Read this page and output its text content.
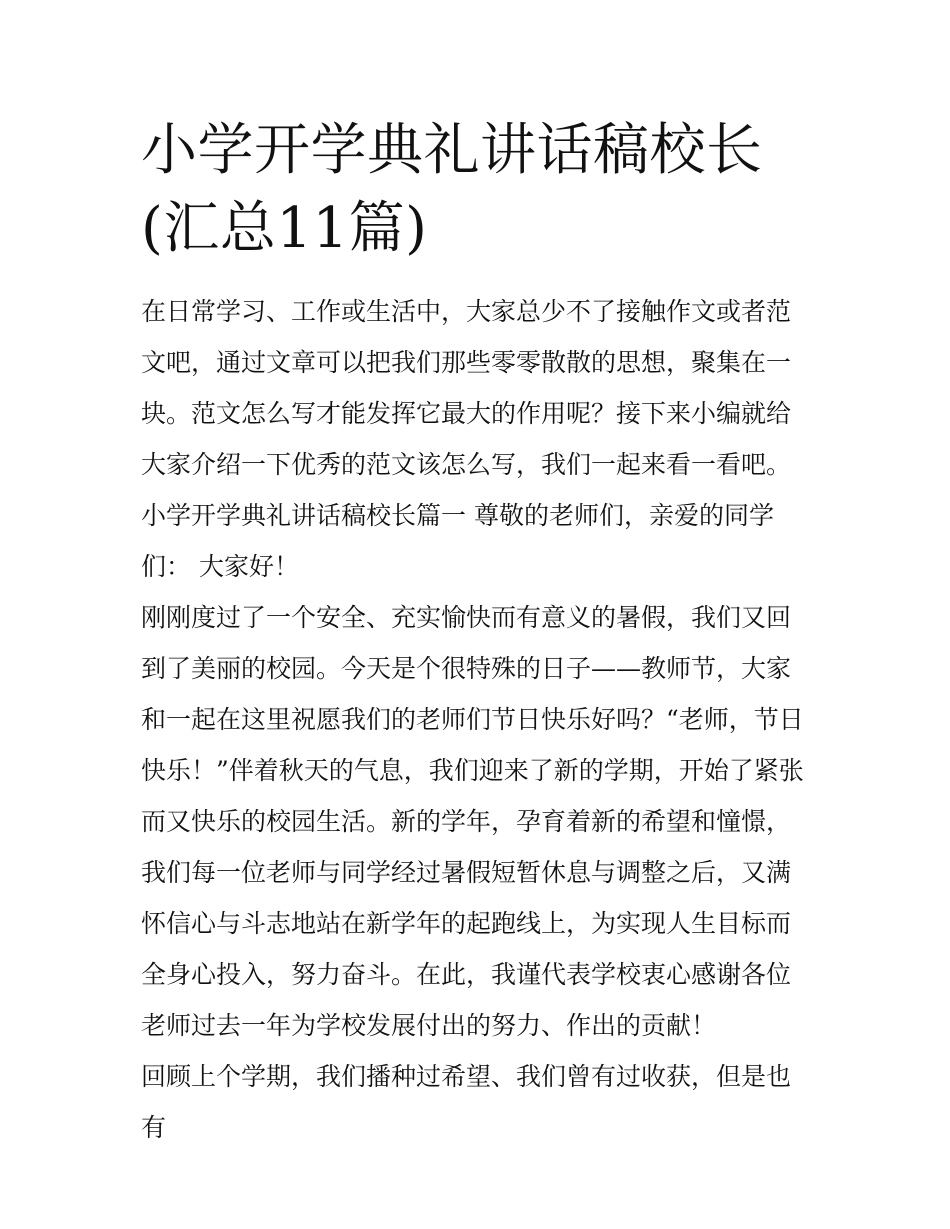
小学开学典礼讲话稿校长(汇总11篇)

在日常学习、工作或生活中，大家总少不了接触作文或者范文吧，通过文章可以把我们那些零零散散的思想，聚集在一块。范文怎么写才能发挥它最大的作用呢？接下来小编就给大家介绍一下优秀的范文该怎么写，我们一起来看一看吧。

小学开学典礼讲话稿校长篇一 尊敬的老师们，亲爱的同学们： 大家好！

刚刚度过了一个安全、充实愉快而有意义的暑假，我们又回到了美丽的校园。今天是个很特殊的日子——教师节，大家和一起在这里祝愿我们的老师们节日快乐好吗？“老师，节日快乐！”伴着秋天的气息，我们迎来了新的学期，开始了紧张而又快乐的校园生活。新的学年，孕育着新的希望和憧憬，我们每一位老师与同学经过暑假短暂休息与调整之后，又满怀信心与斗志地站在新学年的起跑线上，为实现人生目标而全身心投入，努力奋斗。在此，我谨代表学校衷心感谢各位老师过去一年为学校发展付出的努力、作出的贡献！

回顾上个学期，我们播种过希望、我们曾有过收获，但是也有
